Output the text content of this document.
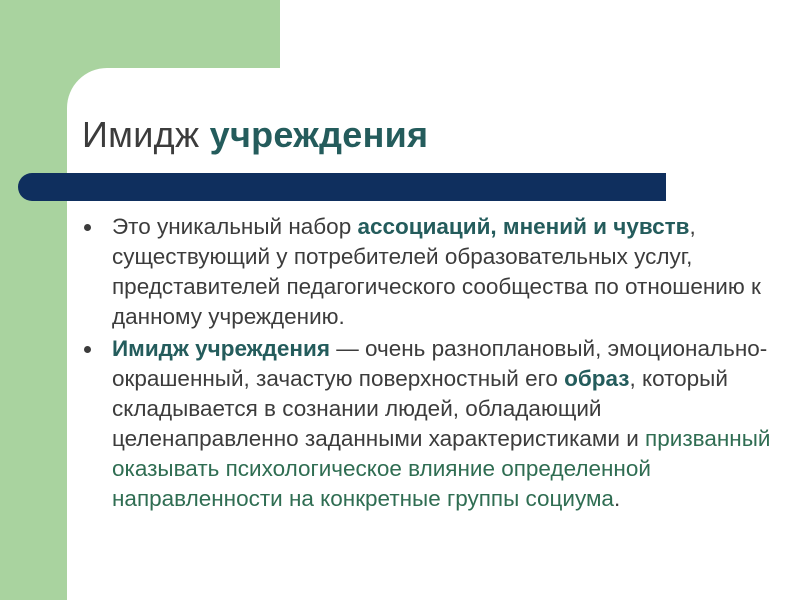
Имидж учреждения
Это уникальный набор ассоциаций, мнений и чувств, существующий у потребителей образовательных услуг, представителей педагогического сообщества по отношению к данному учреждению.
Имидж учреждения — очень разноплановый, эмоционально-окрашенный, зачастую поверхностный его образ, который складывается в сознании людей, обладающий целенаправленно заданными характеристиками и призванный оказывать психологическое влияние определенной направленности на конкретные группы социума.
